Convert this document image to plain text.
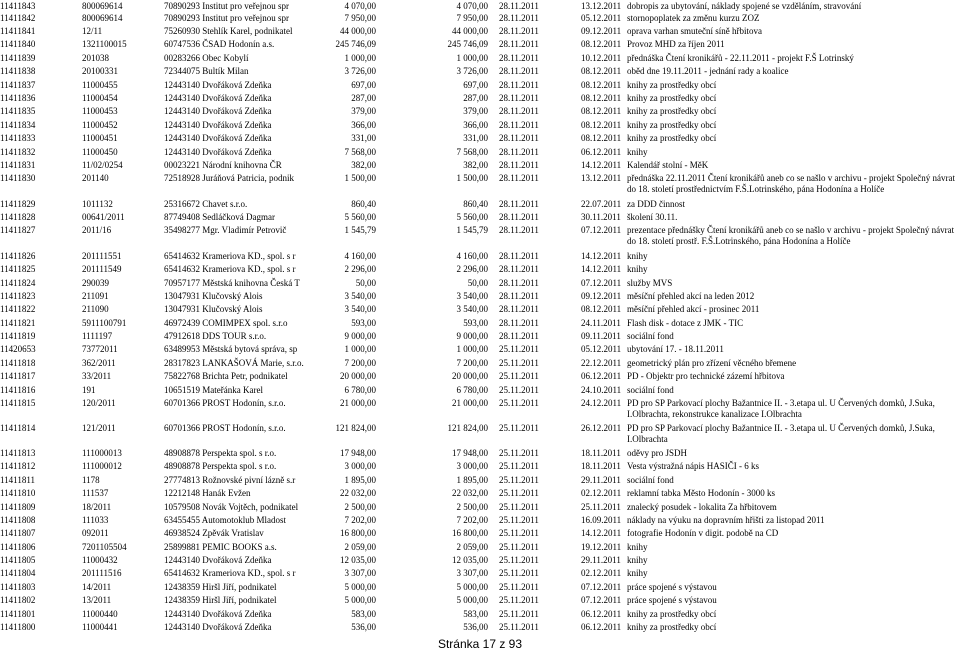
11411843	800069614	70890293 Institut pro veřejnou spr	4 070,00	4 070,00 28.11.2011	13.12.2011 dobropis za ubytování, náklady spojené se vzděláním, stravování
11411842	800069614	70890293 Institut pro veřejnou spr	7 950,00	7 950,00 28.11.2011	05.12.2011 stornopoplatek za změnu kurzu ZOZ
11411841	12/11	75260930 Stehlík Karel, podnikatel	44 000,00	44 000,00 28.11.2011	09.12.2011 oprava varhan smuteční síně hřbitova
11411840	1321100015	60747536 ČSAD Hodonín a.s.	245 746,09	245 746,09 28.11.2011	08.12.2011 Provoz MHD za říjen 2011
11411839	201038	00283266 Obec Kobylí	1 000,00	1 000,00 28.11.2011	10.12.2011 přednáška Čtení kronikářů - 22.11.2011 - projekt F.Š Lotrinský
11411838	20100331	72344075 Bultík Milan	3 726,00	3 726,00 28.11.2011	08.12.2011 oběd dne 19.11.2011 - jednání rady a koalice
11411837	11000455	12443140 Dvořáková Zdeňka	697,00	697,00 28.11.2011	08.12.2011 knihy za prostředky obcí
11411836	11000454	12443140 Dvořáková Zdeňka	287,00	287,00 28.11.2011	08.12.2011 knihy za prostředky obcí
11411835	11000453	12443140 Dvořáková Zdeňka	379,00	379,00 28.11.2011	08.12.2011 knihy za prostředky obcí
11411834	11000452	12443140 Dvořáková Zdeňka	366,00	366,00 28.11.2011	08.12.2011 knihy za prostředky obcí
11411833	11000451	12443140 Dvořáková Zdeňka	331,00	331,00 28.11.2011	08.12.2011 knihy za prostředky obcí
11411832	11000450	12443140 Dvořáková Zdeňka	7 568,00	7 568,00 28.11.2011	06.12.2011 knihy
11411831	11/02/0254	00023221 Národní knihovna ČR	382,00	382,00 28.11.2011	14.12.2011 Kalendář stolní - MěK
11411830	201140	72518928 Juráňová Patricia, podnik	1 500,00	1 500,00 28.11.2011	13.12.2011 přednáška 22.11.2011 Čtení kronikářů aneb co se našlo v archivu - projekt Společný návrat do 18. století prostřednictvím F.Š.Lotrinského, pána Hodonína a Holíče
11411829	1011132	25316672 Chavet s.r.o.	860,40	860,40 28.11.2011	22.07.2011 za DDD činnost
11411828	00641/2011	87749408 Sedláčková Dagmar	5 560,00	5 560,00 28.11.2011	30.11.2011 školení 30.11.
11411827	2011/16	35498277 Mgr. Vladimír Petrovič	1 545,79	1 545,79 28.11.2011	07.12.2011 prezentace přednášky Čtení kronikářů aneb co se našlo v archivu - projekt Společný návrat do 18. století prostř. F.Š.Lotrinského, pána Hodonína a Holíče
11411826	201111551	65414632 Krameriova KD., spol. s r	4 160,00	4 160,00 28.11.2011	14.12.2011 knihy
11411825	201111549	65414632 Krameriova KD., spol. s r	2 296,00	2 296,00 28.11.2011	14.12.2011 knihy
11411824	290039	70957177 Městská knihovna Česká T	50,00	50,00 28.11.2011	07.12.2011 služby MVS
11411823	211091	13047931 Klučovský Alois	3 540,00	3 540,00 28.11.2011	09.12.2011 měsíční přehled akcí na leden 2012
11411822	211090	13047931 Klučovský Alois	3 540,00	3 540,00 28.11.2011	08.12.2011 měsíční přehled akcí - prosinec 2011
11411821	5911100791	46972439 COMIMPEX spol. s.r.o	593,00	593,00 28.11.2011	24.11.2011 Flash disk - dotace z JMK - TIC
11411819	1111197	47912618 DDS TOUR s.r.o.	9 000,00	9 000,00 28.11.2011	09.11.2011 sociální fond
11420653	73772011	63489953 Městská bytová správa, sp	1 000,00	1 000,00 25.11.2011	05.12.2011 ubytování 17. - 18.11.2011
11411818	362/2011	28317823 LANKAŠOVÁ Marie, s.r.o.	7 200,00	7 200,00 25.11.2011	22.12.2011 geometrický plán pro zřízení věcného břemene
11411817	33/2011	75822768 Brichta Petr, podnikatel	20 000,00	20 000,00 25.11.2011	06.12.2011 PD - Objektr pro technické zázemí hřbitova
11411816	191	10651519 Mateřánka Karel	6 780,00	6 780,00 25.11.2011	24.10.2011 sociální fond
11411815	120/2011	60701366 PROST Hodonín, s.r.o.	21 000,00	21 000,00 25.11.2011	24.12.2011 PD pro SP Parkovací plochy Bažantnice II. - 3.etapa ul. U Červených domků, J.Suka, I.Olbrachta, rekonstrukce kanalizace I.Olbrachta
11411814	121/2011	60701366 PROST Hodonín, s.r.o.	121 824,00	121 824,00 25.11.2011	26.12.2011 PD pro SP Parkovací plochy Bažantnice II. - 3.etapa ul. U Červených domků, J.Suka, I.Olbrachta
11411813	111000013	48908878 Perspekta spol. s r.o.	17 948,00	17 948,00 25.11.2011	18.11.2011 oděvy pro JSDH
11411812	111000012	48908878 Perspekta spol. s r.o.	3 000,00	3 000,00 25.11.2011	18.11.2011 Vesta výstražná nápis HASIČI - 6 ks
11411811	1178	27774813 Rožnovské pivní lázně s.r	1 895,00	1 895,00 25.11.2011	29.11.2011 sociální fond
11411810	111537	12212148 Hanák Evžen	22 032,00	22 032,00 25.11.2011	02.12.2011 reklamní tabka Město Hodonín - 3000 ks
11411809	18/2011	10579508 Novák Vojtěch, podnikatel	2 500,00	2 500,00 25.11.2011	25.11.2011 znalecký posudek - lokalita Za hřbitovem
11411808	111033	63455455 Automotoklub Mladost	7 202,00	7 202,00 25.11.2011	16.09.2011 náklady na výuku na dopravním hřišti za listopad 2011
11411807	092011	46938524 Zpěvák Vratislav	16 800,00	16 800,00 25.11.2011	14.12.2011 fotografie Hodonín v digit. podobě na CD
11411806	7201105504	25899881 PEMIC BOOKS a.s.	2 059,00	2 059,00 25.11.2011	19.12.2011 knihy
11411805	11000432	12443140 Dvořáková Zdeňka	12 035,00	12 035,00 25.11.2011	29.11.2011 knihy
11411804	201111516	65414632 Krameriova KD., spol. s r	3 307,00	3 307,00 25.11.2011	02.12.2011 knihy
11411803	14/2011	12438359 Hiršl Jiří, podnikatel	5 000,00	5 000,00 25.11.2011	07.12.2011 práce spojené s výstavou
11411802	13/2011	12438359 Hiršl Jiří, podnikatel	5 000,00	5 000,00 25.11.2011	07.12.2011 práce spojené s výstavou
11411801	11000440	12443140 Dvořáková Zdeňka	583,00	583,00 25.11.2011	06.12.2011 knihy za prostředky obcí
11411800	11000441	12443140 Dvořáková Zdeňka	536,00	536,00 25.11.2011	06.12.2011 knihy za prostředky obcí
Stránka 17 z 93
